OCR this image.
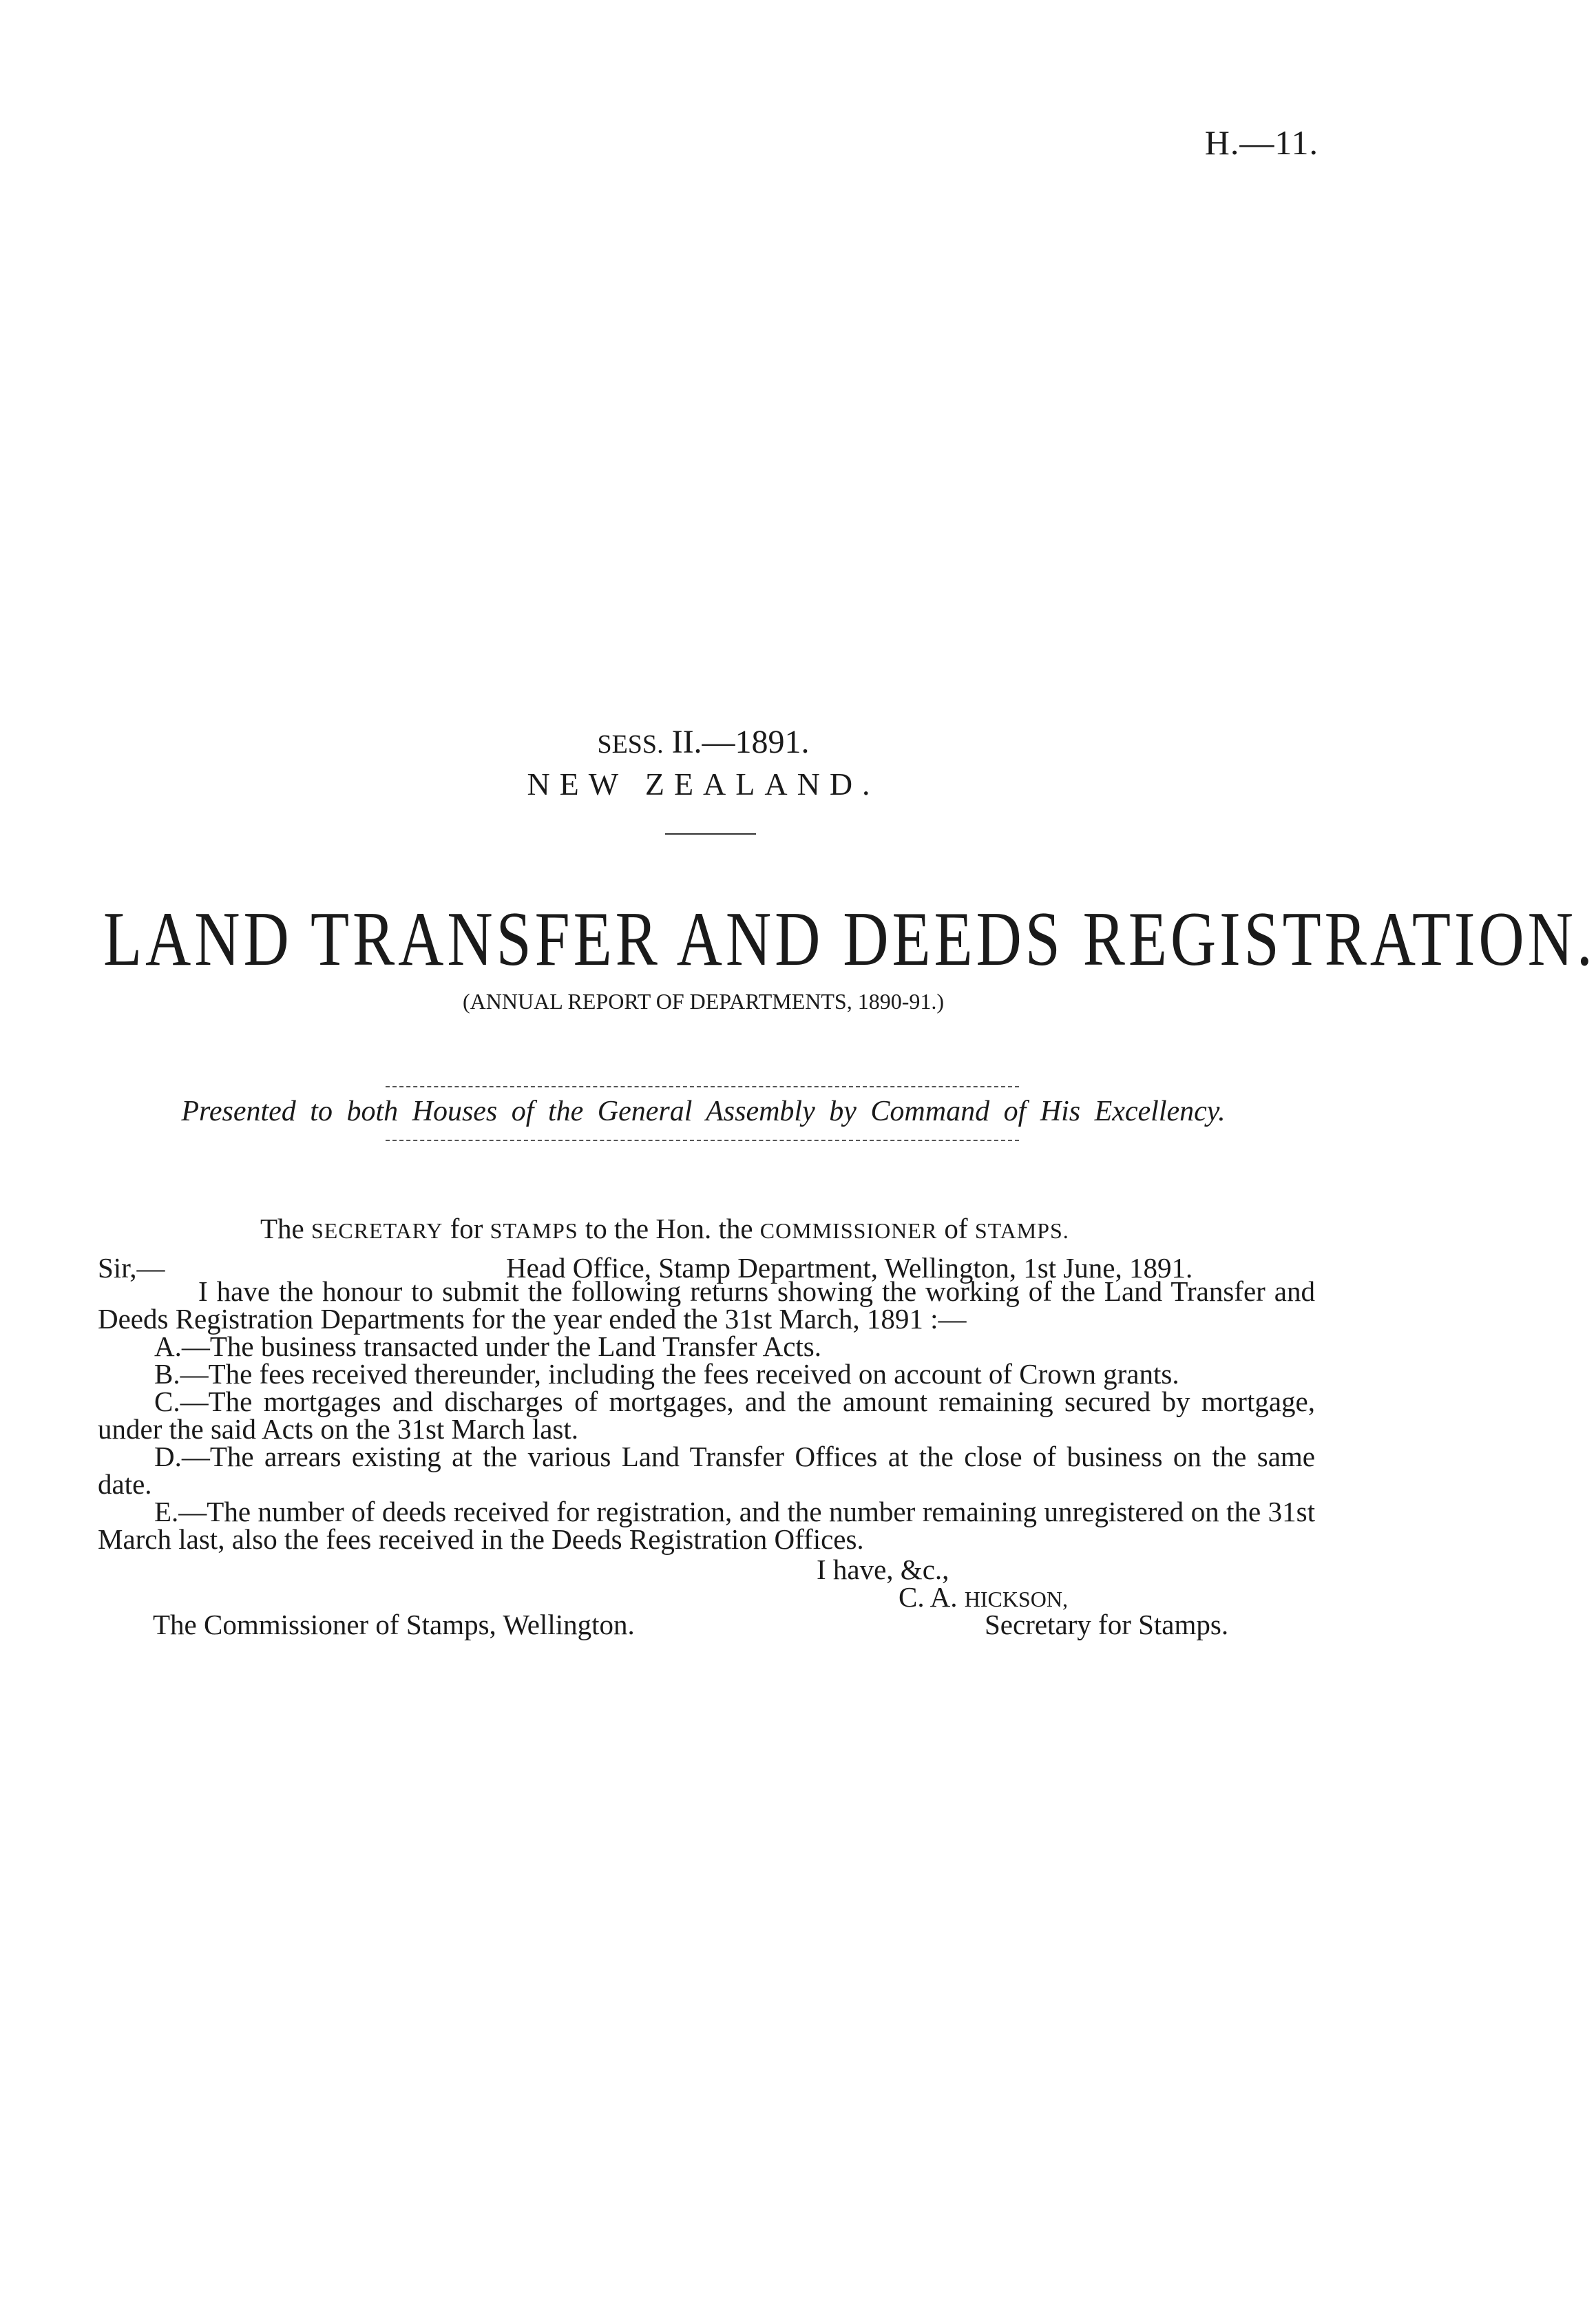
H.—11.
SESS. II.—1891.
NEW ZEALAND.
LAND TRANSFER AND DEEDS REGISTRATION.
(ANNUAL REPORT OF DEPARTMENTS, 1890-91.)
Presented to both Houses of the General Assembly by Command of His Excellency.
The SECRETARY for STAMPS to the Hon. the COMMISSIONER of STAMPS.
Sir,—	Head Office, Stamp Department, Wellington, 1st June, 1891.

I have the honour to submit the following returns showing the working of the Land Transfer and Deeds Registration Departments for the year ended the 31st March, 1891 :—

A.—The business transacted under the Land Transfer Acts.

B.—The fees received thereunder, including the fees received on account of Crown grants.

C.—The mortgages and discharges of mortgages, and the amount remaining secured by mortgage, under the said Acts on the 31st March last.

D.—The arrears existing at the various Land Transfer Offices at the close of business on the same date.

E.—The number of deeds received for registration, and the number remaining unregistered on the 31st March last, also the fees received in the Deeds Registration Offices.

I have, &c.,
C. A. HICKSON,
The Commissioner of Stamps, Wellington.	Secretary for Stamps.
